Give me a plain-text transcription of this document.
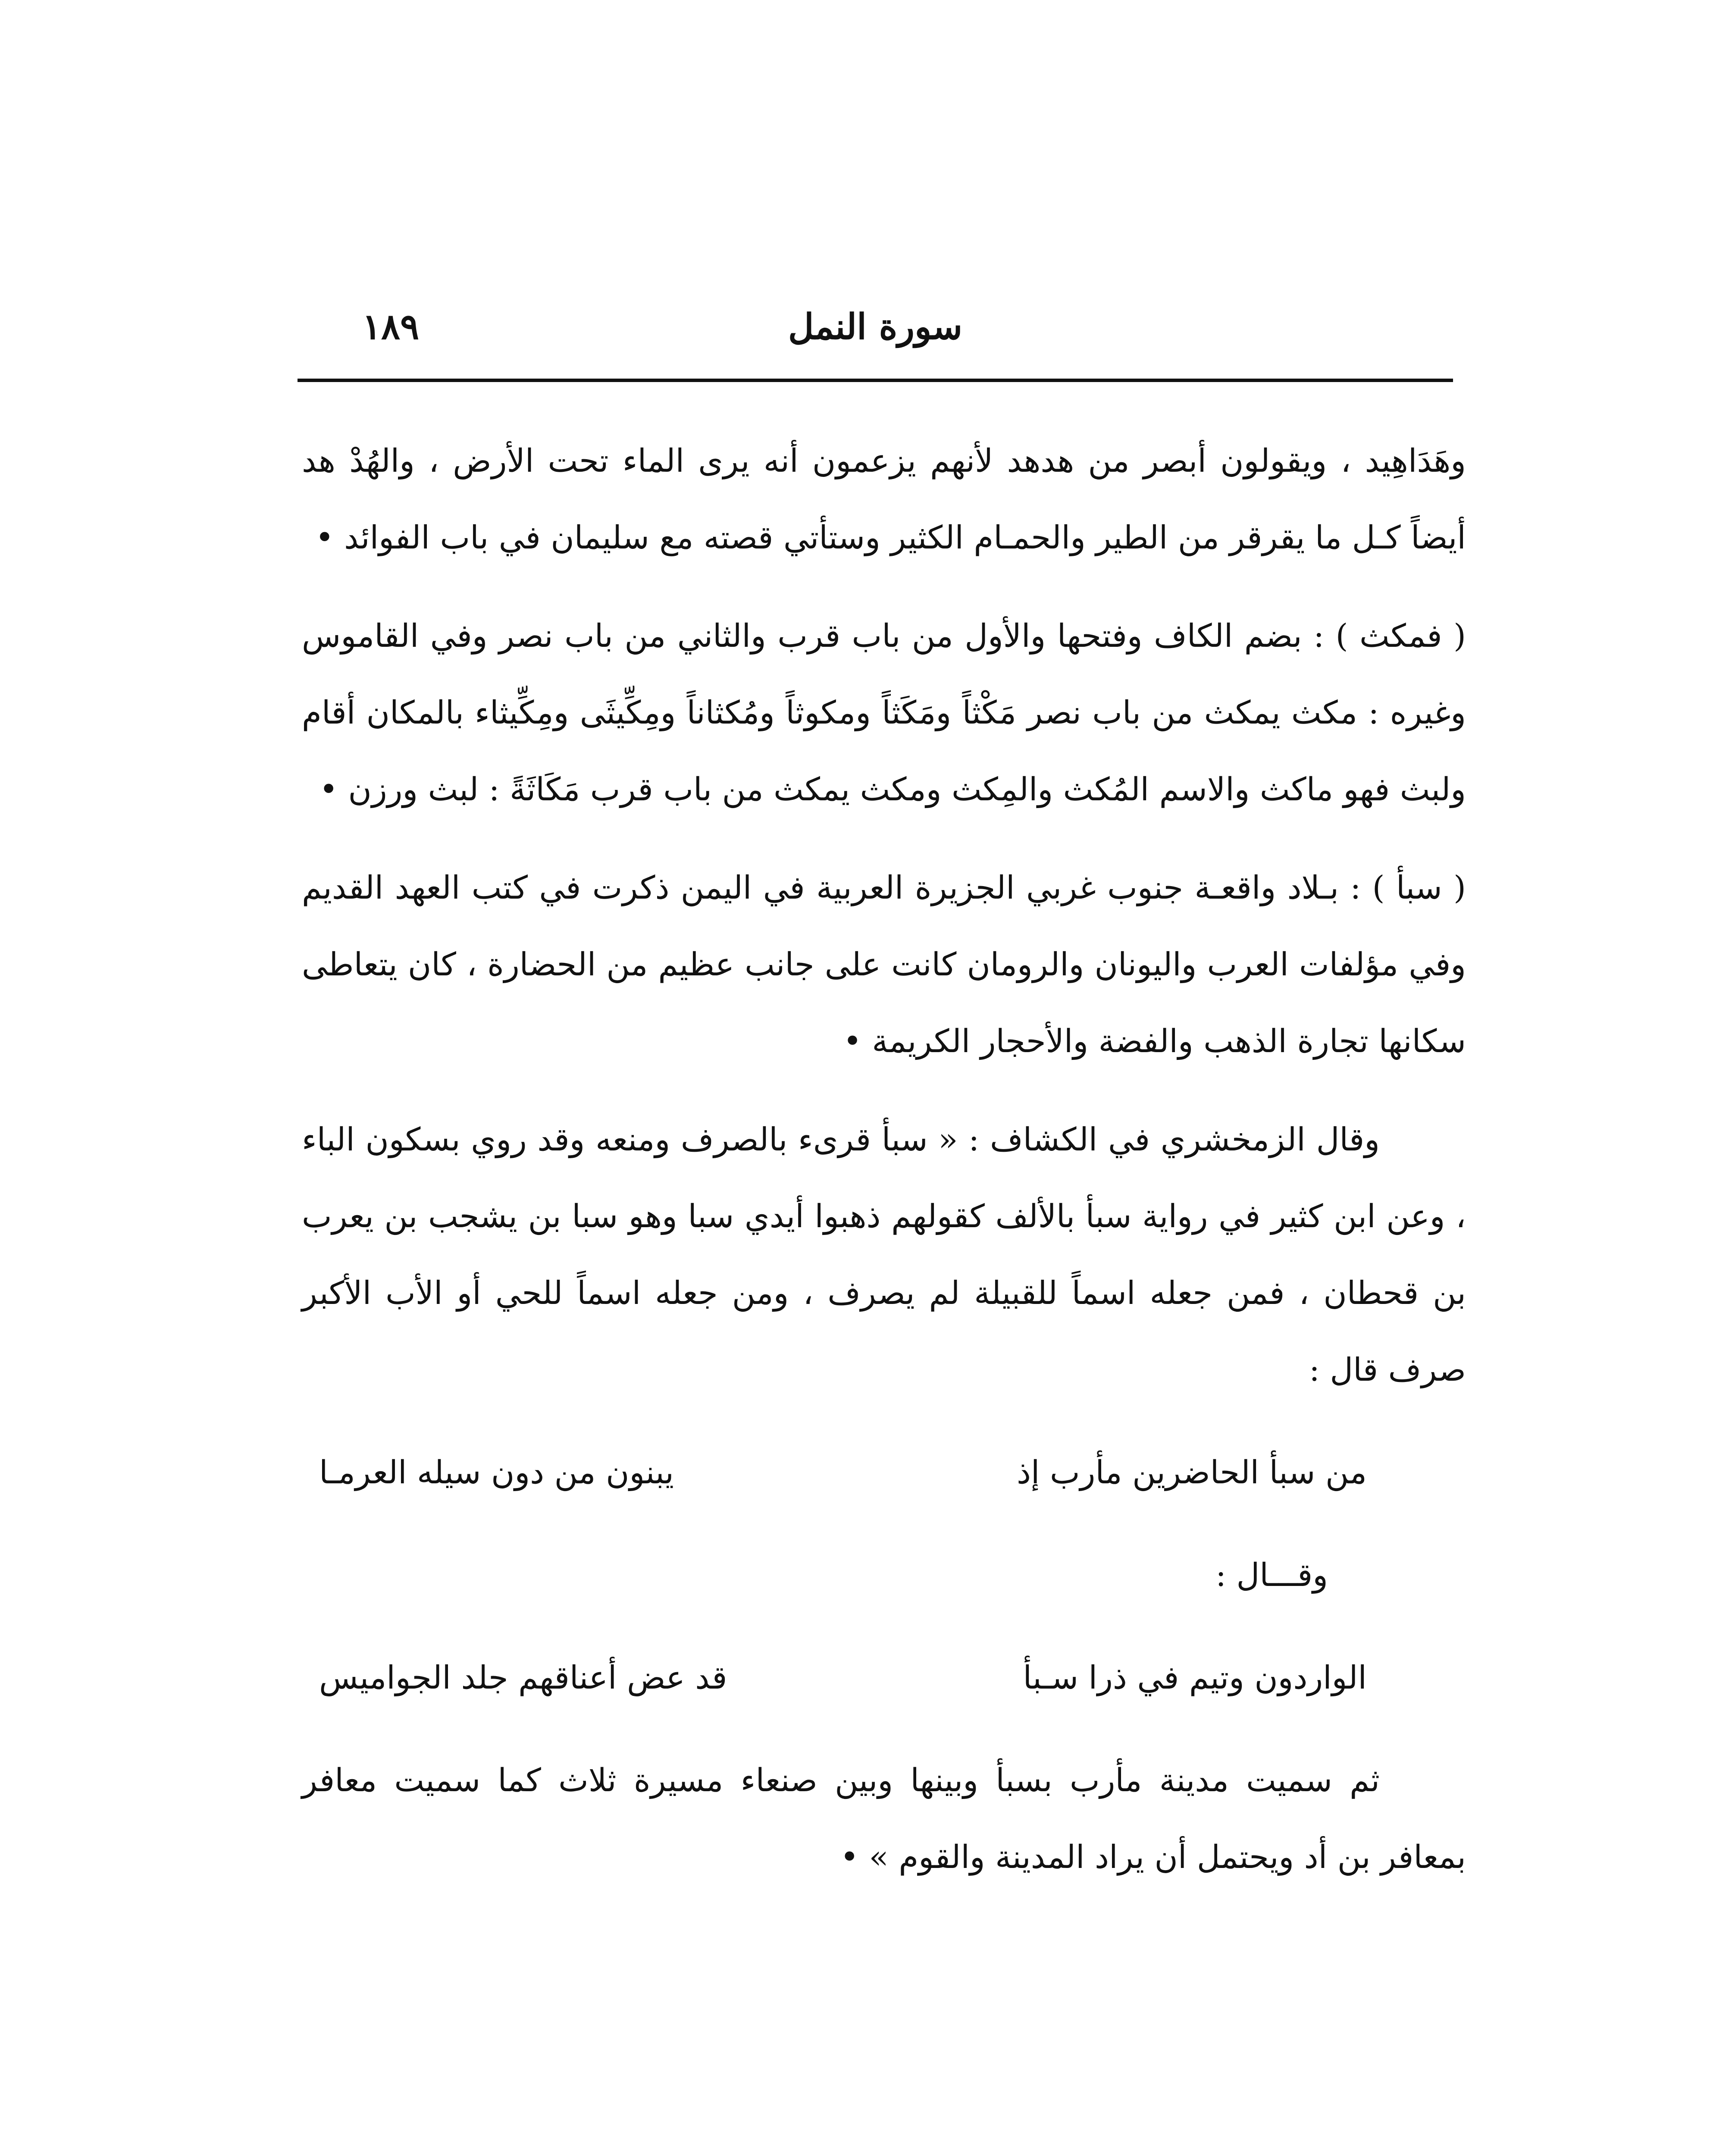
سورة النمل
١٨٩

وهَدَاهِيد ، ويقولون أبصر من هدهد لأنهم يزعمون أنه يرى الماء تحت الأرض ، والهُدْ هد أيضاً كـل ما يقرقر من الطير والحمـام الكثير وستأتي قصته مع سليمان في باب الفوائد •

( فمكث ) : بضم الكاف وفتحها والأول من باب قرب والثاني من باب نصر وفي القاموس وغيره : مكث يمكث من باب نصر مَكْثاً ومَكَثاً ومكوثاً ومُكثاناً ومِكِّيثَى ومِكِّيثاء بالمكان أقام ولبث فهو ماكث والاسم المُكث والمِكث ومكث يمكث من باب قرب مَكَاثَةً : لبث ورزن •

( سبأ ) : بـلاد واقعـة جنوب غربي الجزيرة العربية في اليمن ذكرت في كتب العهد القديم وفي مؤلفات العرب واليونان والرومان كانت على جانب عظيم من الحضارة ، كان يتعاطى سكانها تجارة الذهب والفضة والأحجار الكريمة •

وقال الزمخشري في الكشاف : « سبأ قرىء بالصرف ومنعه وقد روي بسكون الباء ، وعن ابن كثير في رواية سبأ بالألف كقولهم ذهبوا أيدي سبا وهو سبا بن يشجب بن يعرب بن قحطان ، فمن جعله اسماً للقبيلة لم يصرف ، ومن جعله اسماً للحي أو الأب الأكبر صرف قال :

من سبأ الحاضرين مأرب إذ
يبنون من دون سيله العرمـا
وقـــال :
الواردون وتيم في ذرا سـبأ
قد عض أعناقهم جلد الجواميس

ثم سميت مدينة مأرب بسبأ وبينها وبين صنعاء مسيرة ثلاث كما سميت معافر بمعافر بن أد ويحتمل أن يراد المدينة والقوم » •
